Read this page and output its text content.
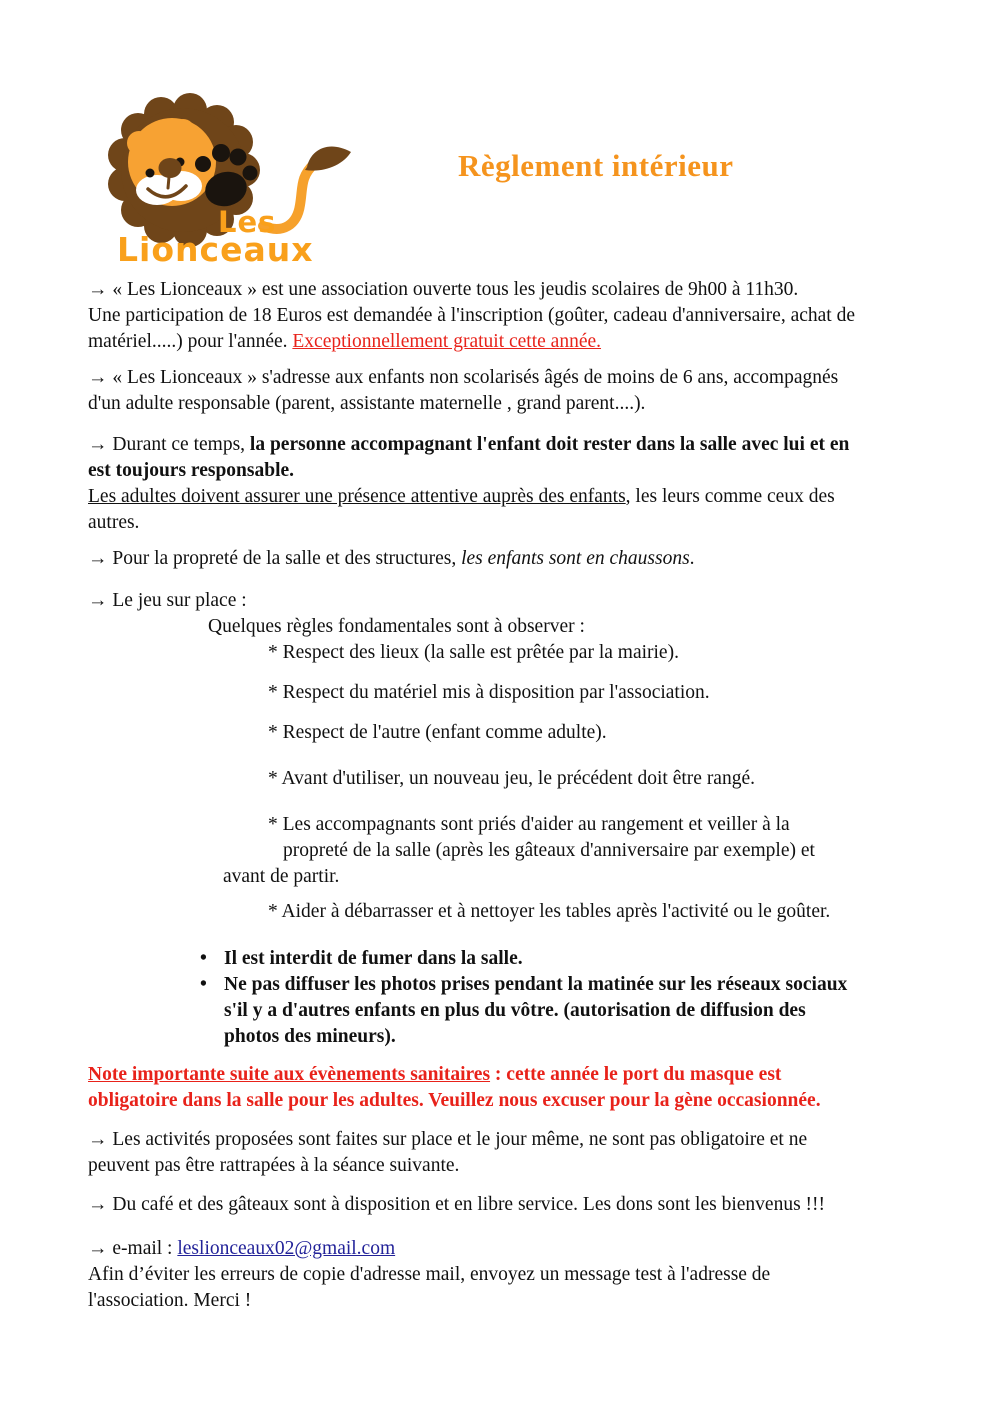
Les
Lionceaux
Règlement intérieur
→ « Les Lionceaux » est une association ouverte tous les jeudis scolaires de 9h00 à 11h30.
Une participation de 18 Euros est demandée à l'inscription (goûter, cadeau d'anniversaire, achat de
matériel.....) pour l'année. Exceptionnellement gratuit cette année.
→ « Les Lionceaux » s'adresse aux enfants non scolarisés âgés de moins de 6 ans, accompagnés
d'un adulte responsable (parent, assistante maternelle , grand parent....).
→ Durant ce temps, la personne accompagnant l'enfant doit rester dans la salle avec lui et en
est toujours responsable.
Les adultes doivent assurer une présence attentive auprès des enfants, les leurs comme ceux des
autres.
→ Pour la propreté de la salle et des structures, les enfants sont en chaussons.
→ Le jeu sur place :
Quelques règles fondamentales sont à observer :
* Respect des lieux (la salle est prêtée par la mairie).
* Respect du matériel mis à disposition par l'association.
* Respect de l'autre (enfant comme adulte).
* Avant d'utiliser, un nouveau jeu, le précédent doit être rangé.
* Les accompagnants sont priés d'aider au rangement et veiller à la
propreté de la salle (après les gâteaux d'anniversaire par exemple) et
avant de partir.
* Aider à débarrasser et à nettoyer les tables après l'activité ou le goûter.
• Il est interdit de fumer dans la salle.
• Ne pas diffuser les photos prises pendant la matinée sur les réseaux sociaux
s'il y a d'autres enfants en plus du vôtre. (autorisation de diffusion des
photos des mineurs).
Note importante suite aux évènements sanitaires : cette année le port du masque est
obligatoire dans la salle pour les adultes. Veuillez nous excuser pour la gène occasionnée.
→ Les activités proposées sont faites sur place et le jour même, ne sont pas obligatoire et ne
peuvent pas être rattrapées à la séance suivante.
→ Du café et des gâteaux sont à disposition et en libre service. Les dons sont les bienvenus !!!
→ e-mail : leslionceaux02@gmail.com
Afin d’éviter les erreurs de copie d'adresse mail, envoyez un message test à l'adresse de
l'association. Merci !
